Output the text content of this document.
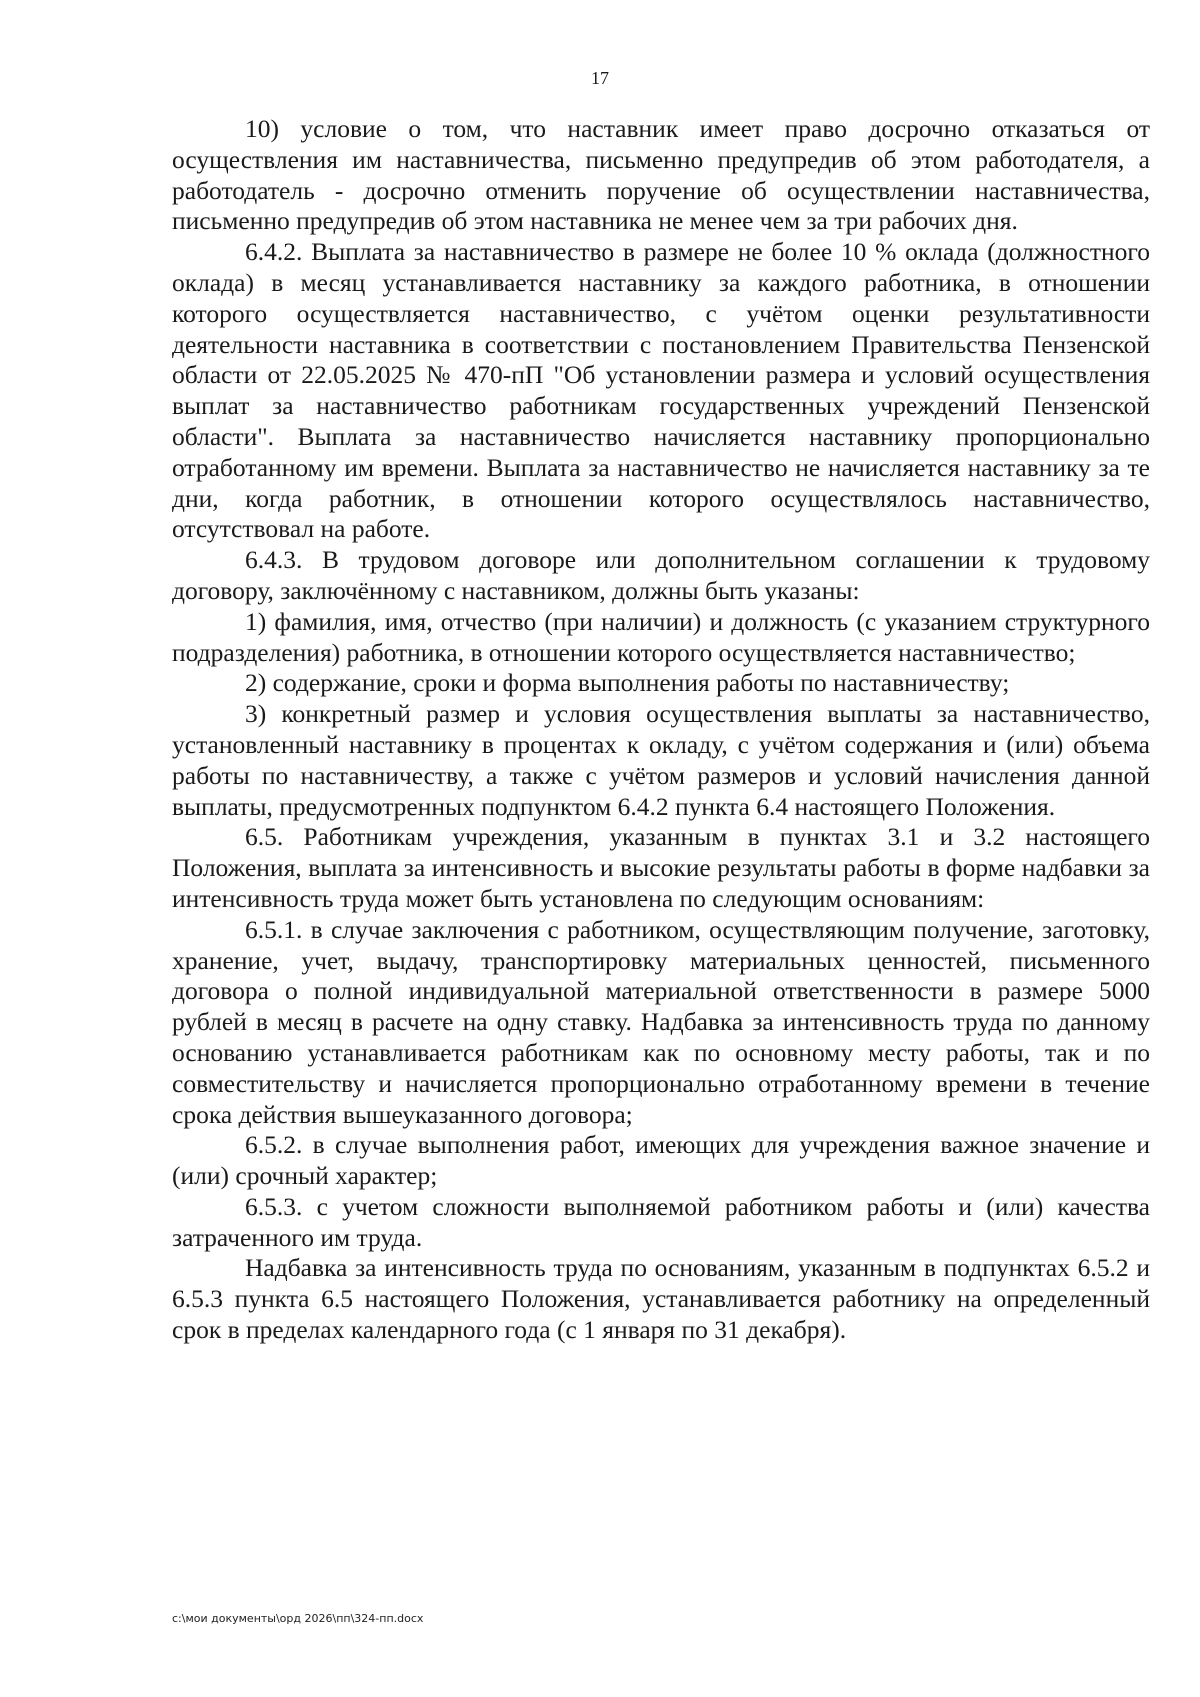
17

10) условие о том, что наставник имеет право досрочно отказаться от осуществления им наставничества, письменно предупредив об этом работодателя, а работодатель - досрочно отменить поручение об осуществлении наставничества, письменно предупредив об этом наставника не менее чем за три рабочих дня.

6.4.2. Выплата за наставничество в размере не более 10 % оклада (должностного оклада) в месяц устанавливается наставнику за каждого работника, в отношении которого осуществляется наставничество, с учётом оценки результативности деятельности наставника в соответствии с постановлением Правительства Пензенской области от 22.05.2025 № 470-пП "Об установлении размера и условий осуществления выплат за наставничество работникам государственных учреждений Пензенской области". Выплата за наставничество начисляется наставнику пропорционально отработанному им времени. Выплата за наставничество не начисляется наставнику за те дни, когда работник, в отношении которого осуществлялось наставничество, отсутствовал на работе.

6.4.3. В трудовом договоре или дополнительном соглашении к трудовому договору, заключённому с наставником, должны быть указаны:

1) фамилия, имя, отчество (при наличии) и должность (с указанием структурного подразделения) работника, в отношении которого осуществляется наставничество;

2) содержание, сроки и форма выполнения работы по наставничеству;

3) конкретный размер и условия осуществления выплаты за наставничество, установленный наставнику в процентах к окладу, с учётом содержания и (или) объема работы по наставничеству, а также с учётом размеров и условий начисления данной выплаты, предусмотренных подпунктом 6.4.2 пункта 6.4 настоящего Положения.

6.5. Работникам учреждения, указанным в пунктах 3.1 и 3.2 настоящего Положения, выплата за интенсивность и высокие результаты работы в форме надбавки за интенсивность труда может быть установлена по следующим основаниям:

6.5.1. в случае заключения с работником, осуществляющим получение, заготовку, хранение, учет, выдачу, транспортировку материальных ценностей, письменного договора о полной индивидуальной материальной ответственности в размере 5000 рублей в месяц в расчете на одну ставку. Надбавка за интенсивность труда по данному основанию устанавливается работникам как по основному месту работы, так и по совместительству и начисляется пропорционально отработанному времени в течение срока действия вышеуказанного договора;

6.5.2. в случае выполнения работ, имеющих для учреждения важное значение и (или) срочный характер;

6.5.3. с учетом сложности выполняемой работником работы и (или) качества затраченного им труда.

Надбавка за интенсивность труда по основаниям, указанным в подпунктах 6.5.2 и 6.5.3 пункта 6.5 настоящего Положения, устанавливается работнику на определенный срок в пределах календарного года (с 1 января по 31 декабря).

c:\мои документы\орд 2026\пп\324-пп.docx
